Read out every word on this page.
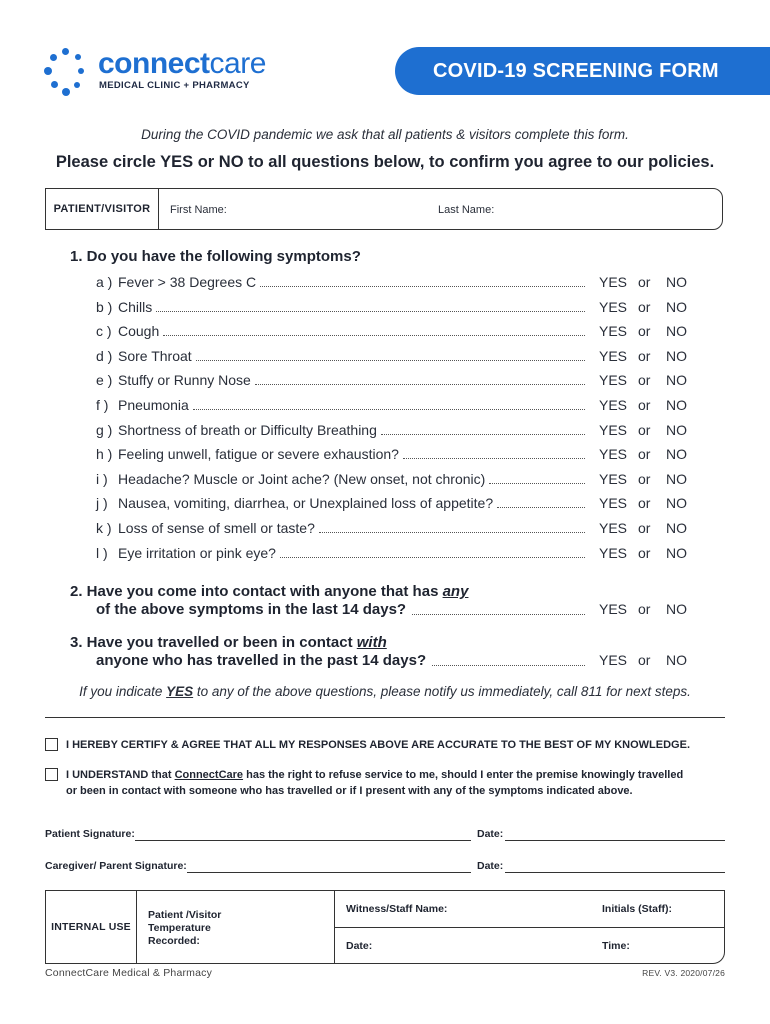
connectcare
MEDICAL CLINIC + PHARMACY
COVID-19 SCREENING FORM
During the COVID pandemic we ask that all patients & visitors complete this form.
Please circle YES or NO to all questions below, to confirm you agree to our policies.
PATIENT/VISITOR	First Name:	Last Name:
1. Do you have the following symptoms?
a ) Fever > 38 Degrees C	YES or NO
b ) Chills	YES or NO
c ) Cough	YES or NO
d ) Sore Throat	YES or NO
e ) Stuffy or Runny Nose	YES or NO
f ) Pneumonia	YES or NO
g ) Shortness of breath or Difficulty Breathing	YES or NO
h ) Feeling unwell, fatigue or severe exhaustion?	YES or NO
i ) Headache? Muscle or Joint ache? (New onset, not chronic)	YES or NO
j ) Nausea, vomiting, diarrhea, or Unexplained loss of appetite?	YES or NO
k ) Loss of sense of smell or taste?	YES or NO
l ) Eye irritation or pink eye?	YES or NO
2. Have you come into contact with anyone that has any
of the above symptoms in the last 14 days?	YES or NO
3. Have you travelled or been in contact with
anyone who has travelled in the past 14 days?	YES or NO
If you indicate YES to any of the above questions, please notify us immediately, call 811 for next steps.
I HEREBY CERTIFY & AGREE THAT ALL MY RESPONSES ABOVE ARE ACCURATE TO THE BEST OF MY KNOWLEDGE.
I UNDERSTAND that ConnectCare has the right to refuse service to me, should I enter the premise knowingly travelled
or been in contact with someone who has travelled or if I present with any of the symptoms indicated above.
Patient Signature:	Date:
Caregiver/ Parent Signature:	Date:
INTERNAL USE
Patient /Visitor Temperature Recorded:
Witness/Staff Name:	Initials (Staff):
Date:	Time:
ConnectCare Medical & Pharmacy	REV. V3. 2020/07/26
